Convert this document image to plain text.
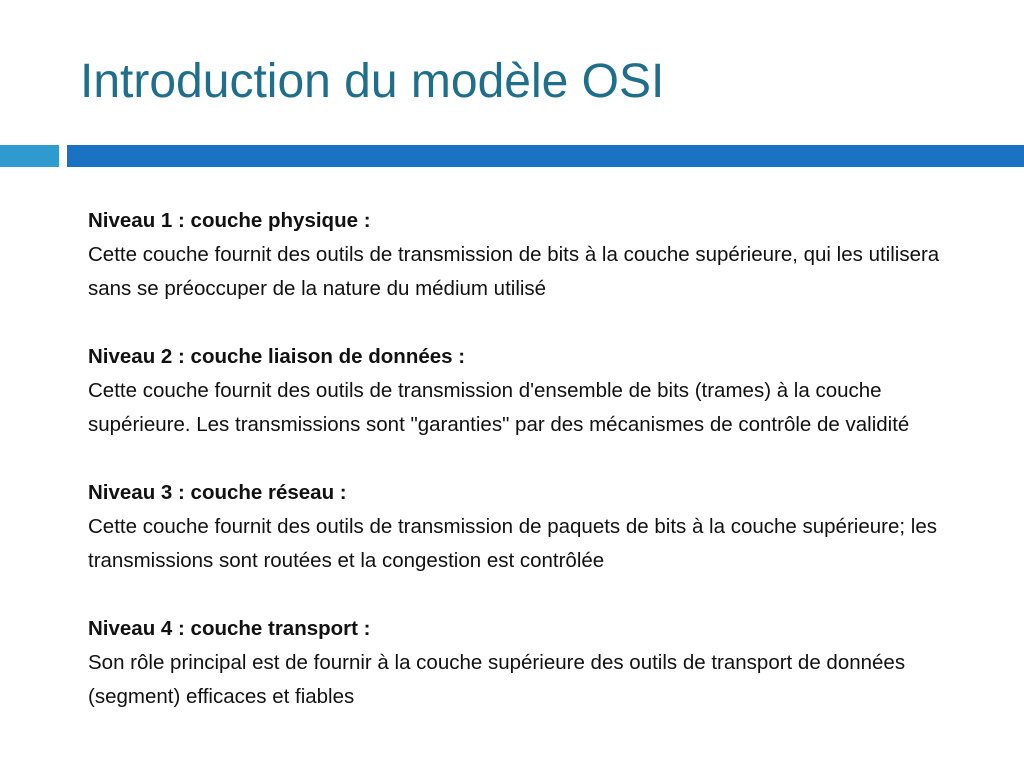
Introduction du modèle OSI
Niveau 1 : couche physique :
Cette couche fournit des outils de transmission de bits à la couche supérieure, qui les utilisera sans se préoccuper de la nature du médium utilisé
Niveau 2 : couche liaison de données :
Cette couche fournit des outils de transmission d'ensemble de bits (trames) à la couche supérieure. Les transmissions sont "garanties" par des mécanismes de contrôle de validité
Niveau 3 : couche réseau :
Cette couche fournit des outils de transmission de paquets de bits à la couche supérieure; les transmissions sont routées et la congestion est contrôlée
Niveau 4 : couche transport :
Son rôle principal est de fournir à la couche supérieure des outils de transport de données (segment) efficaces et fiables
